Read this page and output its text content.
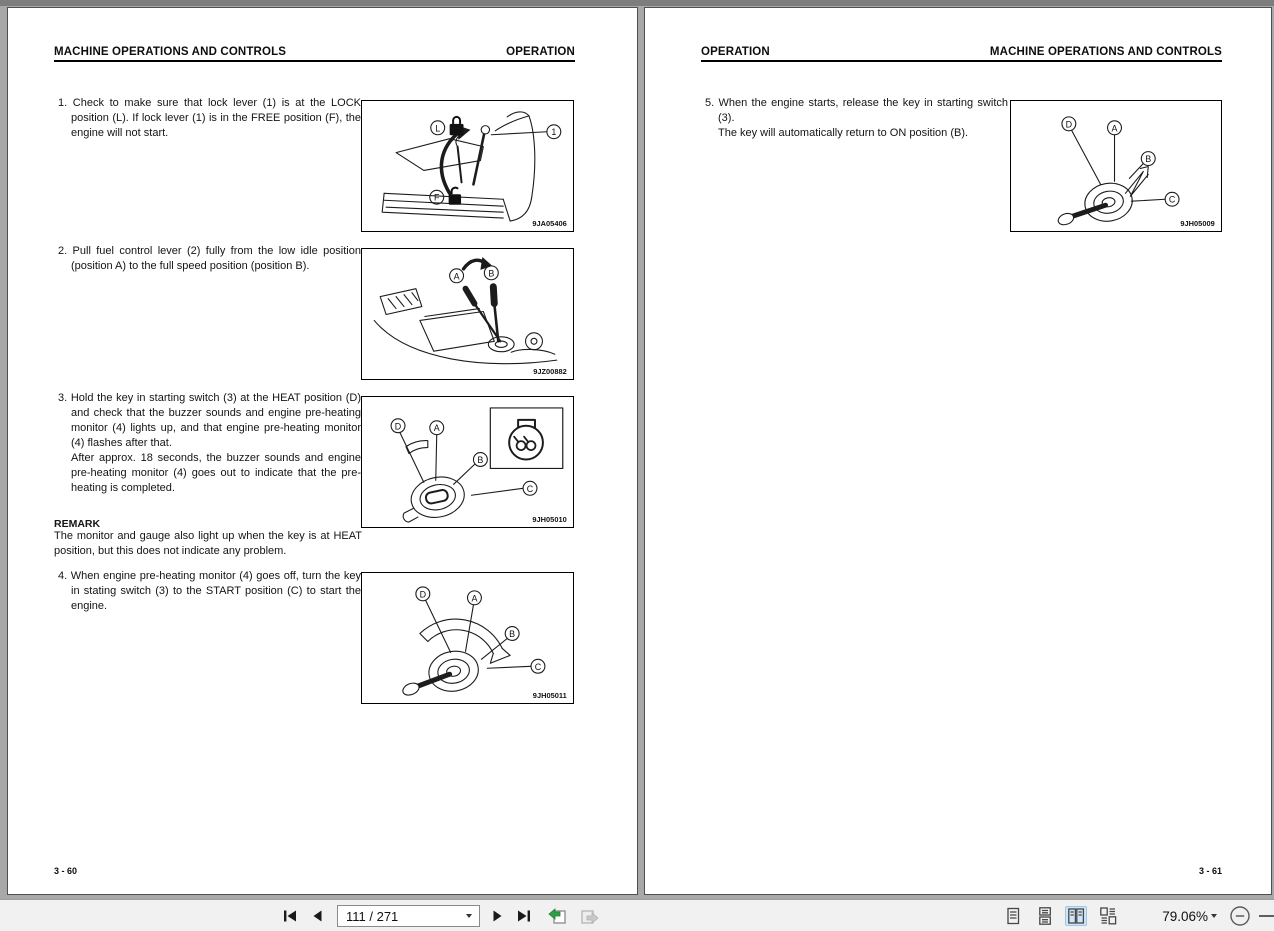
MACHINE OPERATIONS AND CONTROLS	OPERATION
1. Check to make sure that lock lever (1) is at the LOCK position (L). If lock lever (1) is in the FREE position (F), the engine will not start.	L
F
1
9JA05406
2. Pull fuel control lever (2) fully from the low idle position (position A) to the full speed position (position B).
A	B
9JZ00882
3. Hold the key in starting switch (3) at the HEAT position (D) and check that the buzzer sounds and engine pre-heating monitor (4) lights up, and that engine pre-heating monitor (4) flashes after that.
After approx. 18 seconds, the buzzer sounds and engine pre-heating monitor (4) goes out to indicate that the pre-heating is completed.
D	A
B
C
9JH05010
REMARK
The monitor and gauge also light up when the key is at HEAT position, but this does not indicate any problem.
4. When engine pre-heating monitor (4) goes off, turn the key in stating switch (3) to the START position (C) to start the engine.
D	A
B
C
9JH05011
3 - 60
OPERATION	MACHINE OPERATIONS AND CONTROLS
5. When the engine starts, release the key in starting switch (3).
The key will automatically return to ON position (B).
D	A
B
C
9JH05009
3 - 61
111 / 271	79.06%
